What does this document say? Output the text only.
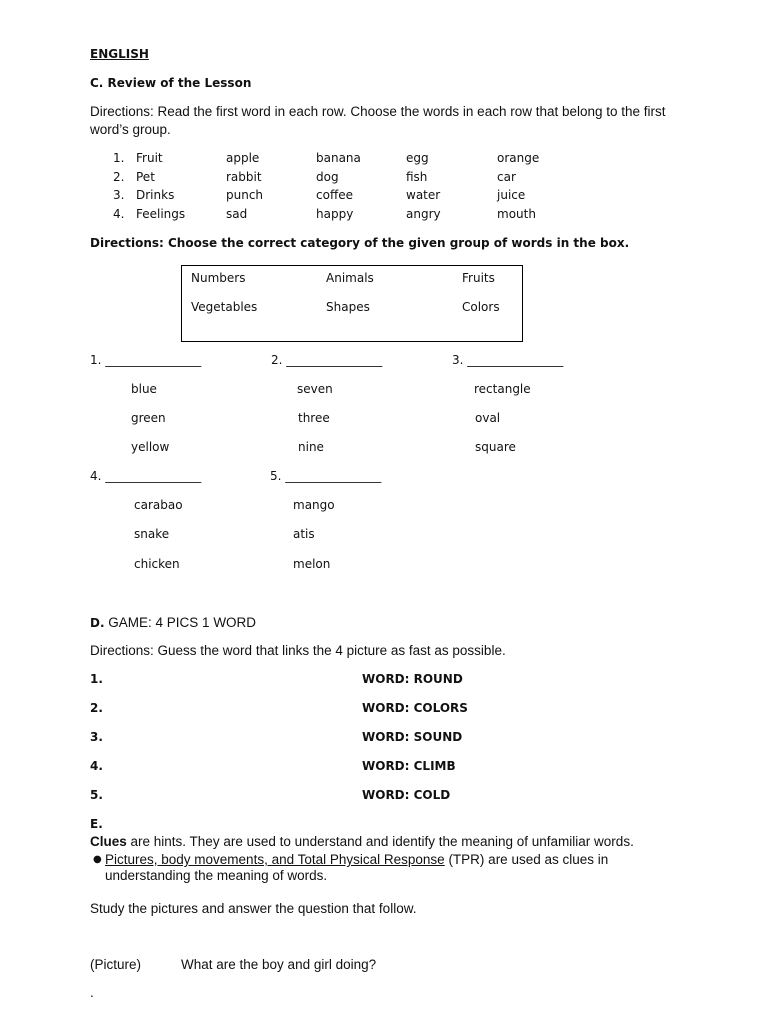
ENGLISH
C. Review of the Lesson
Directions: Read the first word in each row. Choose the words in each row that belong to the first
word’s group.
1. Fruit	apple	banana	egg	orange
2. Pet	rabbit	dog	fish	car
3. Drinks	punch	coffee	water	juice
4. Feelings	sad	happy	angry	mouth
Directions: Choose the correct category of the given group of words in the box.
Numbers	Animals	Fruits
Vegetables	Shapes	Colors
1. ________________
blue
green
yellow
2. ________________
seven
three
nine
3. ________________
rectangle
oval
square
4. ________________
carabao
snake
chicken
5. ________________
mango
atis
melon
D. GAME: 4 PICS 1 WORD
Directions: Guess the word that links the 4 picture as fast as possible.
1.	WORD: ROUND
2.	WORD: COLORS
3.	WORD: SOUND
4.	WORD: CLIMB
5.	WORD: COLD
E.
Clues are hints. They are used to understand and identify the meaning of unfamiliar words.
● Pictures, body movements, and Total Physical Response (TPR) are used as clues in
understanding the meaning of words.
Study the pictures and answer the question that follow.
(Picture)	What are the boy and girl doing?
.
